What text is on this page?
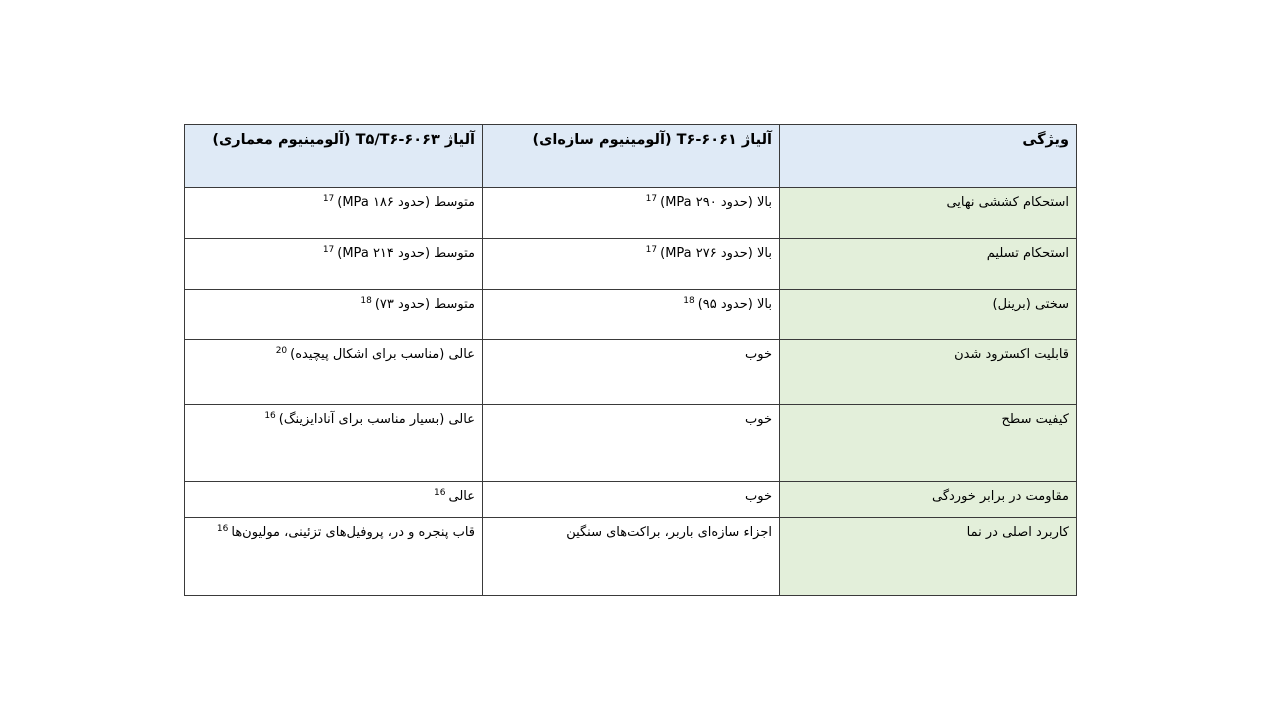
ویژگی	آلیاژ ۶۰۶۱-T۶ (آلومینیوم سازه‌ای)	آلیاژ ۶۰۶۳-T۵/T۶ (آلومینیوم معماری)
استحکام کششی نهایی	بالا (حدود ۲۹۰ MPa)$^{17}$	متوسط (حدود ۱۸۶ MPa)$^{17}$
استحکام تسلیم	بالا (حدود ۲۷۶ MPa)$^{17}$	متوسط (حدود ۲۱۴ MPa)$^{17}$
سختی (برینل)	بالا (حدود ۹۵)$^{18}$	متوسط (حدود ۷۳)$^{18}$
قابلیت اکسترود شدن	خوب	عالی (مناسب برای اشکال پیچیده)$^{20}$
کیفیت سطح	خوب	عالی (بسیار مناسب برای آنادایزینگ)$^{16}$
مقاومت در برابر خوردگی	خوب	عالی$^{16}$
کاربرد اصلی در نما	اجزاء سازه‌ای باربر، براکت‌های سنگین	قاب پنجره و در، پروفیل‌های تزئینی، مولیون‌ها$^{16}$
